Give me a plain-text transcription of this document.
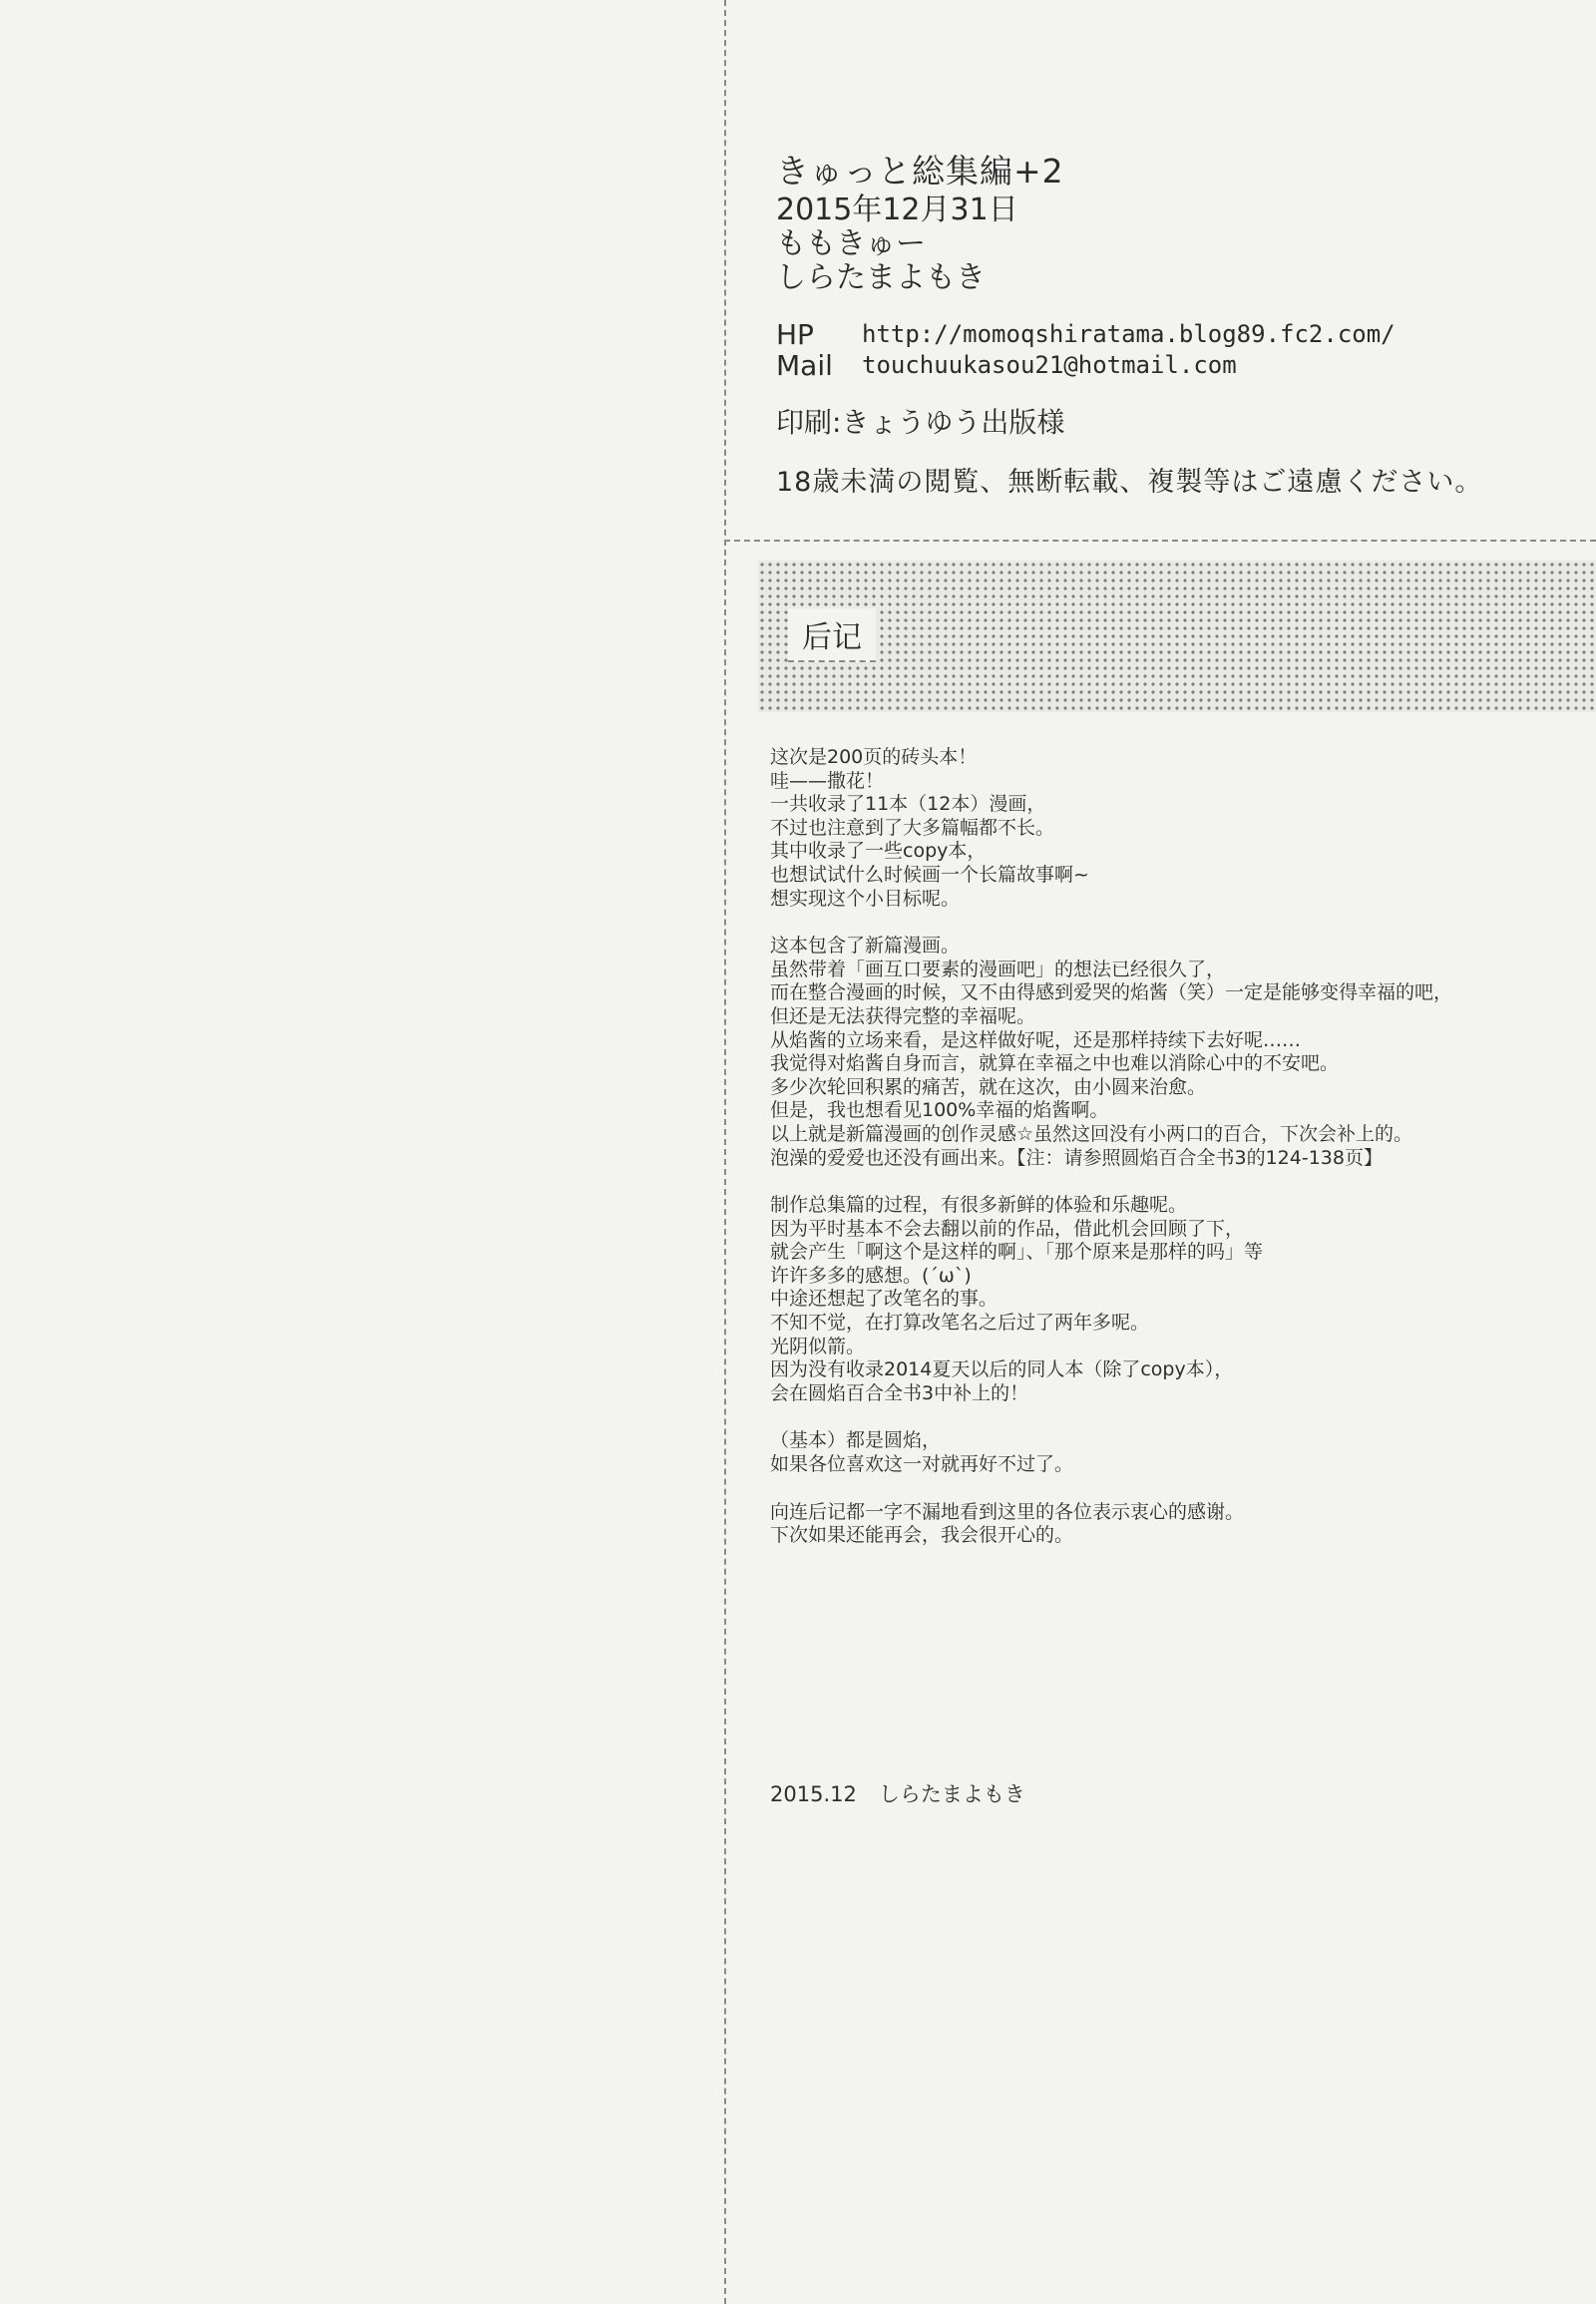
きゅっと総集編+2
2015年12月31日
ももきゅー
しらたまよもき
HP	http://momoqshiratama.blog89.fc2.com/
Mail	touchuukasou21@hotmail.com
印刷:きょうゆう出版様
18歳未満の閲覧、無断転載、複製等はご遠慮ください。
后记
这次是200页的砖头本！
哇——撒花！
一共收录了11本（12本）漫画，
不过也注意到了大多篇幅都不长。
其中收录了一些copy本，
也想试试什么时候画一个长篇故事啊~
想实现这个小目标呢。
这本包含了新篇漫画。
虽然带着「画互口要素的漫画吧」的想法已经很久了，
而在整合漫画的时候，又不由得感到爱哭的焰酱（笑）一定是能够变得幸福的吧，
但还是无法获得完整的幸福呢。
从焰酱的立场来看，是这样做好呢，还是那样持续下去好呢……
我觉得对焰酱自身而言，就算在幸福之中也难以消除心中的不安吧。
多少次轮回积累的痛苦，就在这次，由小圆来治愈。
但是，我也想看见100%幸福的焰酱啊。
以上就是新篇漫画的创作灵感☆虽然这回没有小两口的百合，下次会补上的。
泡澡的爱爱也还没有画出来。【注：请参照圆焰百合全书3的124-138页】
制作总集篇的过程，有很多新鲜的体验和乐趣呢。
因为平时基本不会去翻以前的作品，借此机会回顾了下，
就会产生「啊这个是这样的啊」、「那个原来是那样的吗」等
许许多多的感想。(´ω`)
中途还想起了改笔名的事。
不知不觉，在打算改笔名之后过了两年多呢。
光阴似箭。
因为没有收录2014夏天以后的同人本（除了copy本），
会在圆焰百合全书3中补上的！
（基本）都是圆焰，
如果各位喜欢这一对就再好不过了。
向连后记都一字不漏地看到这里的各位表示衷心的感谢。
下次如果还能再会，我会很开心的。
2015.12 しらたまよもき
